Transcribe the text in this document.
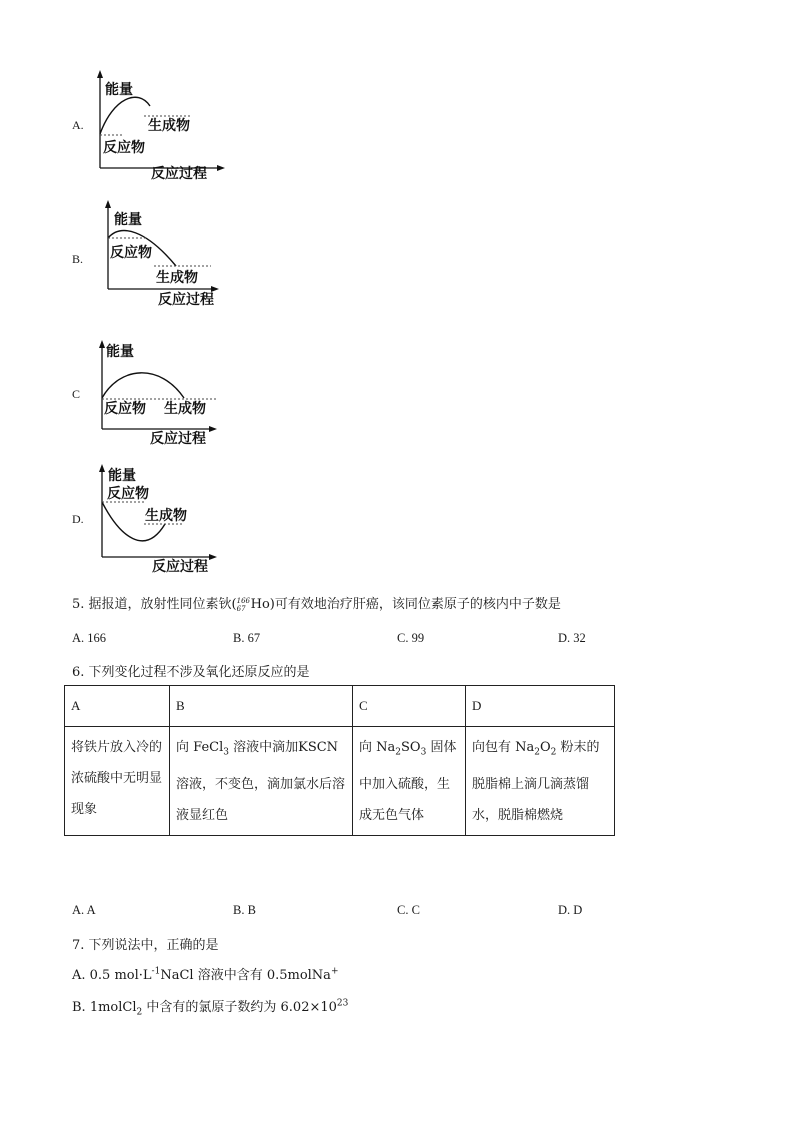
A.
能量
生成物
反应物
反应过程
B.
能量
反应物
生成物
反应过程
C
能量
反应物 生成物
反应过程
D.
能量
反应物
生成物
反应过程
5. 据报道，放射性同位素钬( 166
67 Ho)可有效地治疗肝癌，该同位素原子的核内中子数是
A. 166	B. 67	C. 99	D. 32
6. 下列变化过程不涉及氧化还原反应的是
A	B	C	D
将铁片放入冷的浓硫酸中无明显现象	向 FeCl$_3$ 溶液中滴加KSCN 溶液，不变色，滴加氯水后溶液显红色	向 $Na_2SO_3$ 固体中加入硫酸，生成无色气体	向包有 $Na_2O_2$ 粉末的脱脂棉上滴几滴蒸馏水，脱脂棉燃烧
A. A	B. B	C. C	D. D
7. 下列说法中，正确的是
A. 0.5 $mol\cdot L^{-1}NaCl$ 溶液中含有 0.5molNa+
B. 1molCl$_2$ 中含有的氯原子数约为 $6.02\times 10^{23}$
